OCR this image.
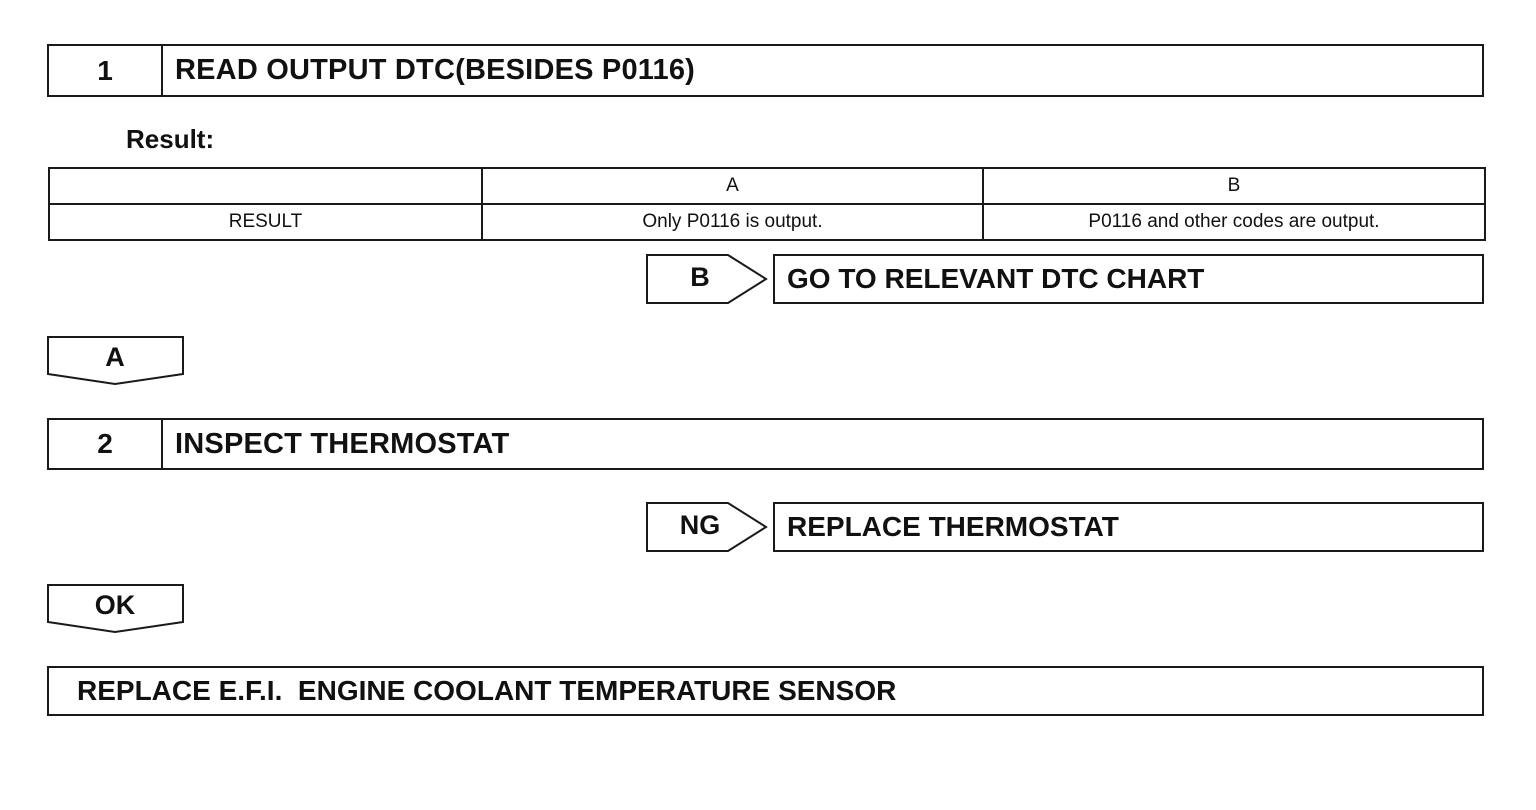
1	READ OUTPUT DTC(BESIDES P0116)
Result:
	A	B
RESULT	Only P0116 is output.	P0116 and other codes are output.
B	GO TO RELEVANT DTC CHART
A
2	INSPECT THERMOSTAT
NG	REPLACE THERMOSTAT
OK
REPLACE E.F.I.  ENGINE COOLANT TEMPERATURE SENSOR
